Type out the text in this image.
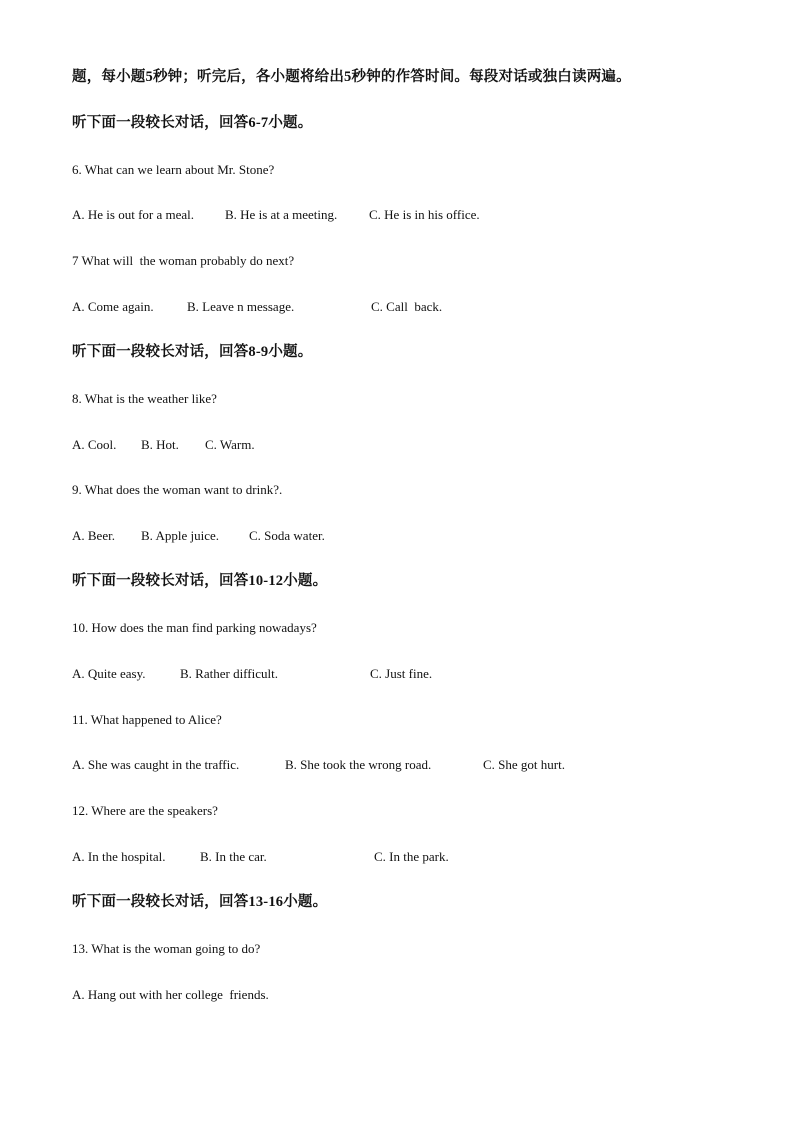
题，每小题5秒钟；听完后，各小题将给出5秒钟的作答时间。每段对话或独白读两遍。
听下面一段较长对话，回答6-7小题。
6. What can we learn about Mr. Stone?
A. He is out for a meal. B. He is at a meeting. C. He is in his office.
7 What will  the woman probably do next?
A. Come again.	B. Leave n message.	C. Call  back.
听下面一段较长对话，回答8-9小题。
8. What is the weather like?
A. Cool. B. Hot. C. Warm.
9. What does the woman want to drink?.
A. Beer. B. Apple juice. C. Soda water.
听下面一段较长对话，回答10-12小题。
10. How does the man find parking nowadays?
A. Quite easy.	B. Rather difficult.	C. Just fine.
11. What happened to Alice?
A. She was caught in the traffic.	B. She took the wrong road.	C. She got hurt.
12. Where are the speakers?
A. In the hospital.	B. In the car.	C. In the park.
听下面一段较长对话，回答13-16小题。
13. What is the woman going to do?
A. Hang out with her college  friends.
